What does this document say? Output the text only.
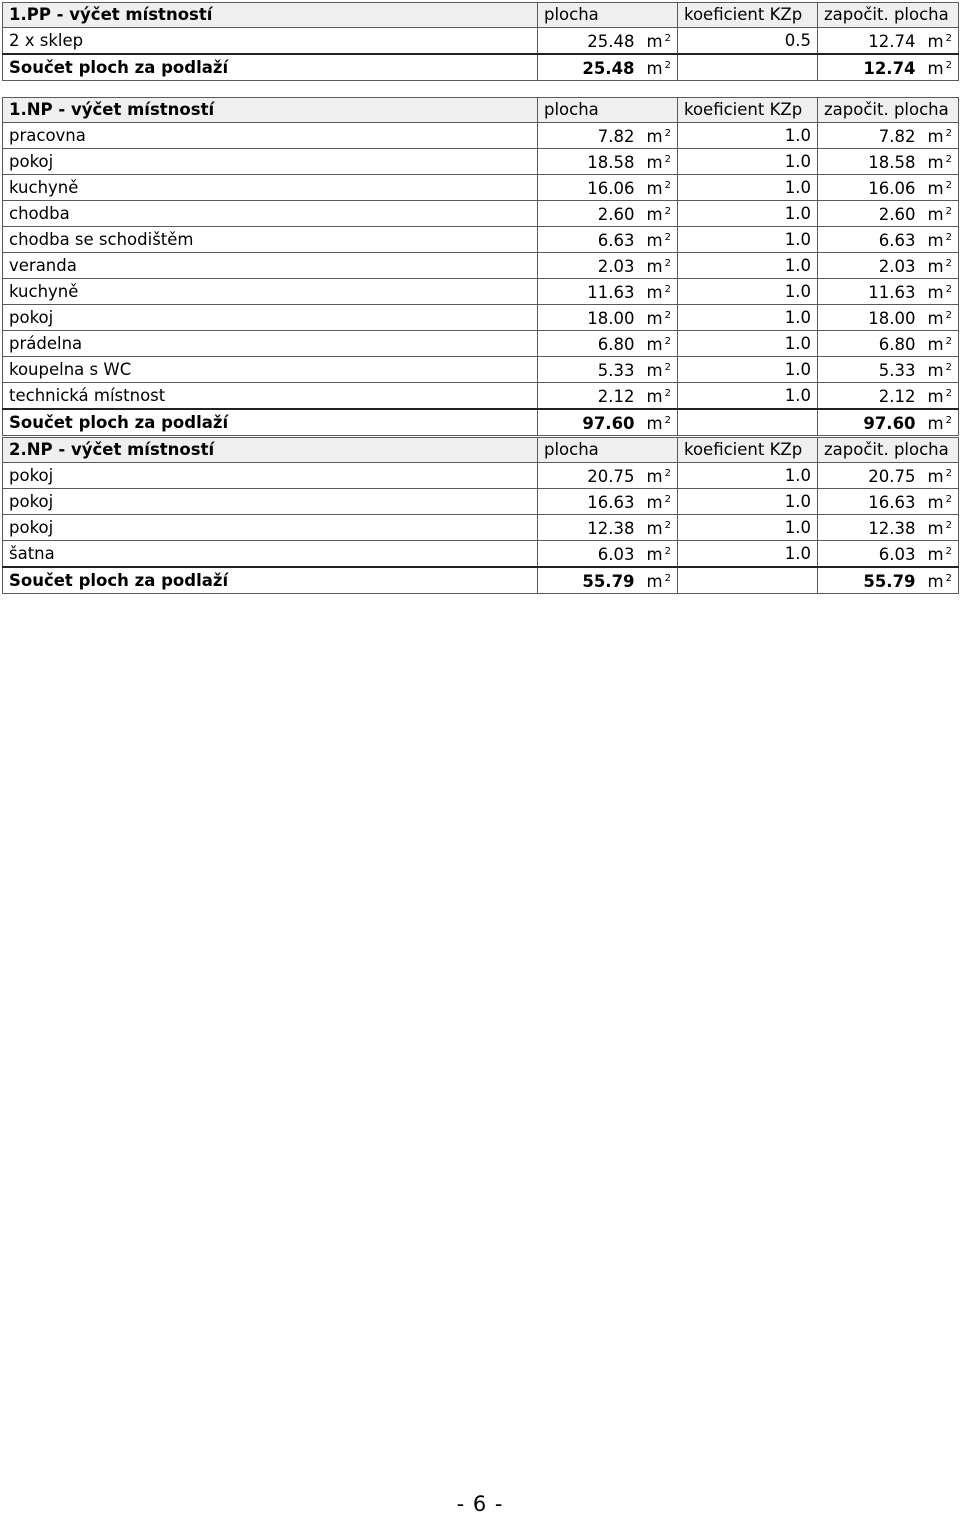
1.PP - výčet místností	plocha	koeficient KZp	započit. plocha
2 x sklep	25.48 m $^2$	0.5	12.74 m $^2$
Součet ploch za podlaží	25.48 m $^2$		12.74 m $^2$
1.NP - výčet místností	plocha	koeficient KZp	započit. plocha
pracovna	7.82 m $^2$	1.0	7.82 m $^2$
pokoj	18.58 m $^2$	1.0	18.58 m $^2$
kuchyně	16.06 m $^2$	1.0	16.06 m $^2$
chodba	2.60 m $^2$	1.0	2.60 m $^2$
chodba se schodištěm	6.63 m $^2$	1.0	6.63 m $^2$
veranda	2.03 m $^2$	1.0	2.03 m $^2$
kuchyně	11.63 m $^2$	1.0	11.63 m $^2$
pokoj	18.00 m $^2$	1.0	18.00 m $^2$
prádelna	6.80 m $^2$	1.0	6.80 m $^2$
koupelna s WC	5.33 m $^2$	1.0	5.33 m $^2$
technická místnost	2.12 m $^2$	1.0	2.12 m $^2$
Součet ploch za podlaží	97.60 m $^2$		97.60 m $^2$
2.NP - výčet místností	plocha	koeficient KZp	započit. plocha
pokoj	20.75 m $^2$	1.0	20.75 m $^2$
pokoj	16.63 m $^2$	1.0	16.63 m $^2$
pokoj	12.38 m $^2$	1.0	12.38 m $^2$
šatna	6.03 m $^2$	1.0	6.03 m $^2$
Součet ploch za podlaží	55.79 m $^2$		55.79 m $^2$
- 6 -
